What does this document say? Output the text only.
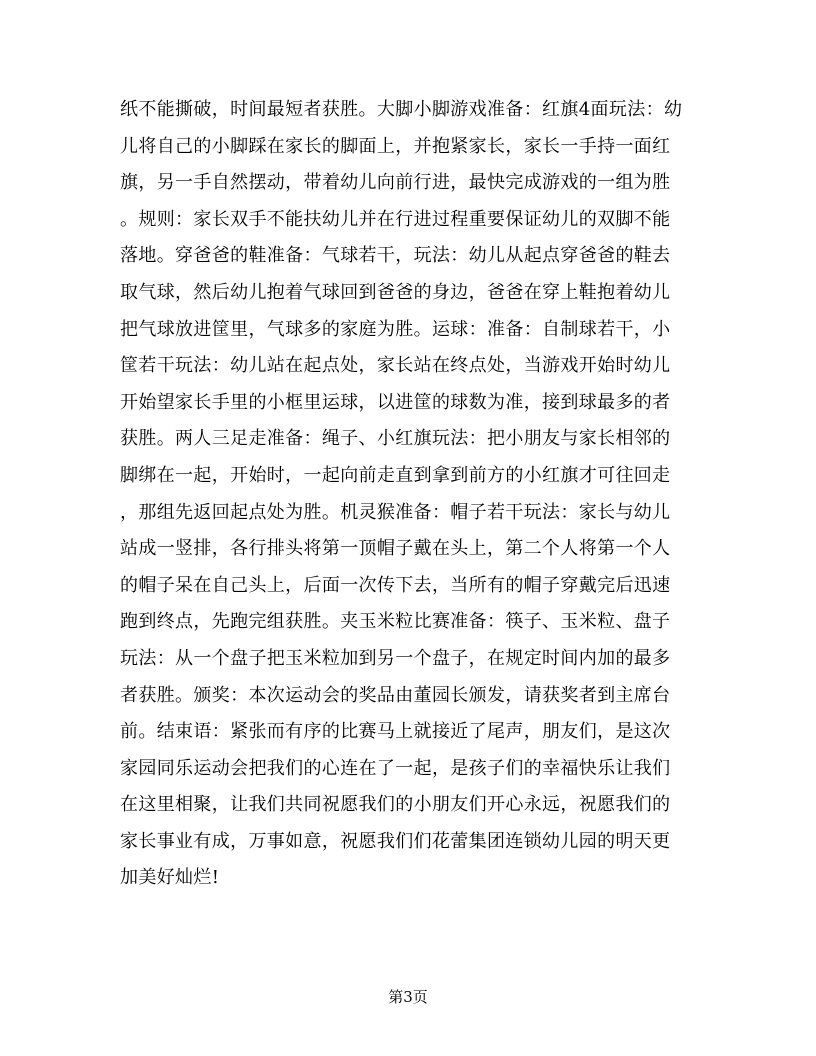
纸不能撕破，时间最短者获胜。大脚小脚游戏准备：红旗4面玩法：幼
儿将自己的小脚踩在家长的脚面上，并抱紧家长，家长一手持一面红
旗，另一手自然摆动，带着幼儿向前行进，最快完成游戏的一组为胜
。规则：家长双手不能扶幼儿并在行进过程重要保证幼儿的双脚不能
落地。穿爸爸的鞋准备：气球若干，玩法：幼儿从起点穿爸爸的鞋去
取气球，然后幼儿抱着气球回到爸爸的身边，爸爸在穿上鞋抱着幼儿
把气球放进筐里，气球多的家庭为胜。运球：准备：自制球若干，小
筐若干玩法：幼儿站在起点处，家长站在终点处，当游戏开始时幼儿
开始望家长手里的小框里运球，以进筐的球数为准，接到球最多的者
获胜。两人三足走准备：绳子、小红旗玩法：把小朋友与家长相邻的
脚绑在一起，开始时，一起向前走直到拿到前方的小红旗才可往回走
，那组先返回起点处为胜。机灵猴准备：帽子若干玩法：家长与幼儿
站成一竖排，各行排头将第一顶帽子戴在头上，第二个人将第一个人
的帽子呆在自己头上，后面一次传下去，当所有的帽子穿戴完后迅速
跑到终点，先跑完组获胜。夹玉米粒比赛准备：筷子、玉米粒、盘子
玩法：从一个盘子把玉米粒加到另一个盘子，在规定时间内加的最多
者获胜。颁奖：本次运动会的奖品由董园长颁发，请获奖者到主席台
前。结束语：紧张而有序的比赛马上就接近了尾声，朋友们，是这次
家园同乐运动会把我们的心连在了一起，是孩子们的幸福快乐让我们
在这里相聚，让我们共同祝愿我们的小朋友们开心永远，祝愿我们的
家长事业有成，万事如意，祝愿我们们花蕾集团连锁幼儿园的明天更
加美好灿烂!
第3页
